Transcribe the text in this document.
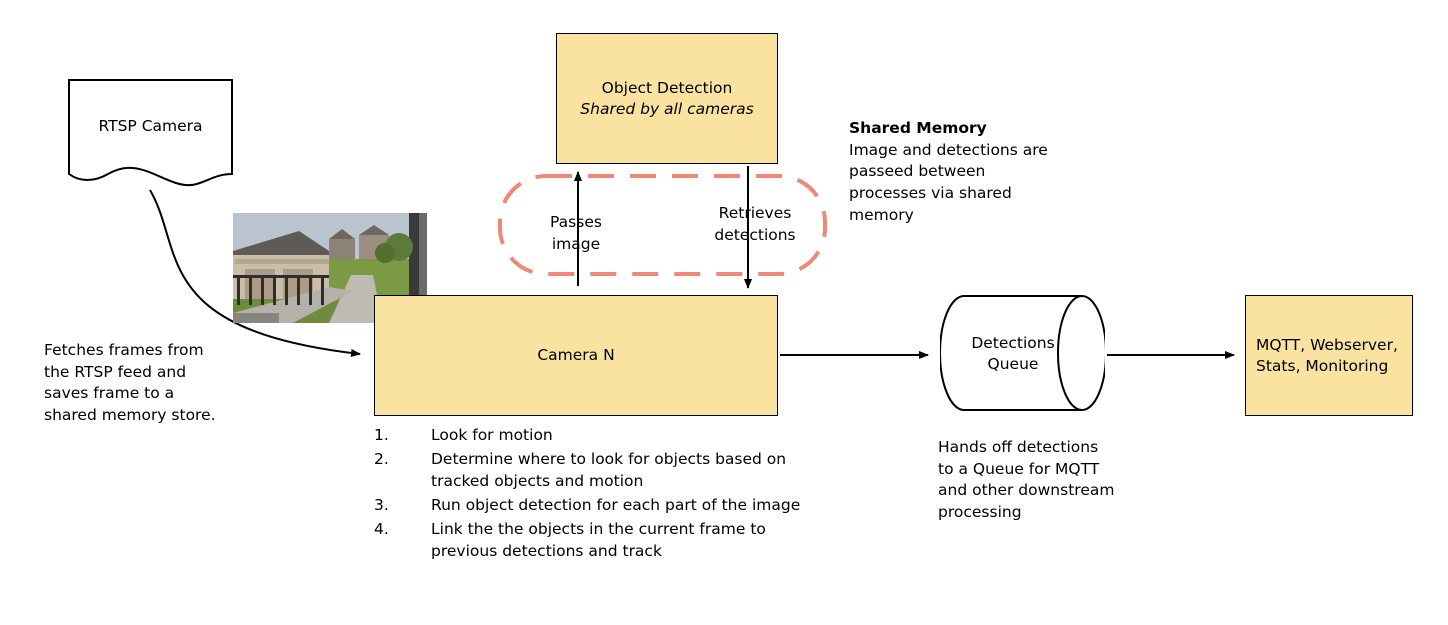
RTSP Camera
Object Detection
Shared by all cameras
Shared Memory
Image and detections are passeed between processes via shared memory
Passes
image
Retrieves
detections
Camera N
1.	Look for motion
2.	Determine where to look for objects based on tracked objects and motion
3.	Run object detection for each part of the image
4.	Link the the objects in the current frame to previous detections and track
Fetches frames from the RTSP feed and saves frame to a shared memory store.
Detections
Queue
Hands off detections to a Queue for MQTT and other downstream processing
MQTT, Webserver,
Stats, Monitoring
